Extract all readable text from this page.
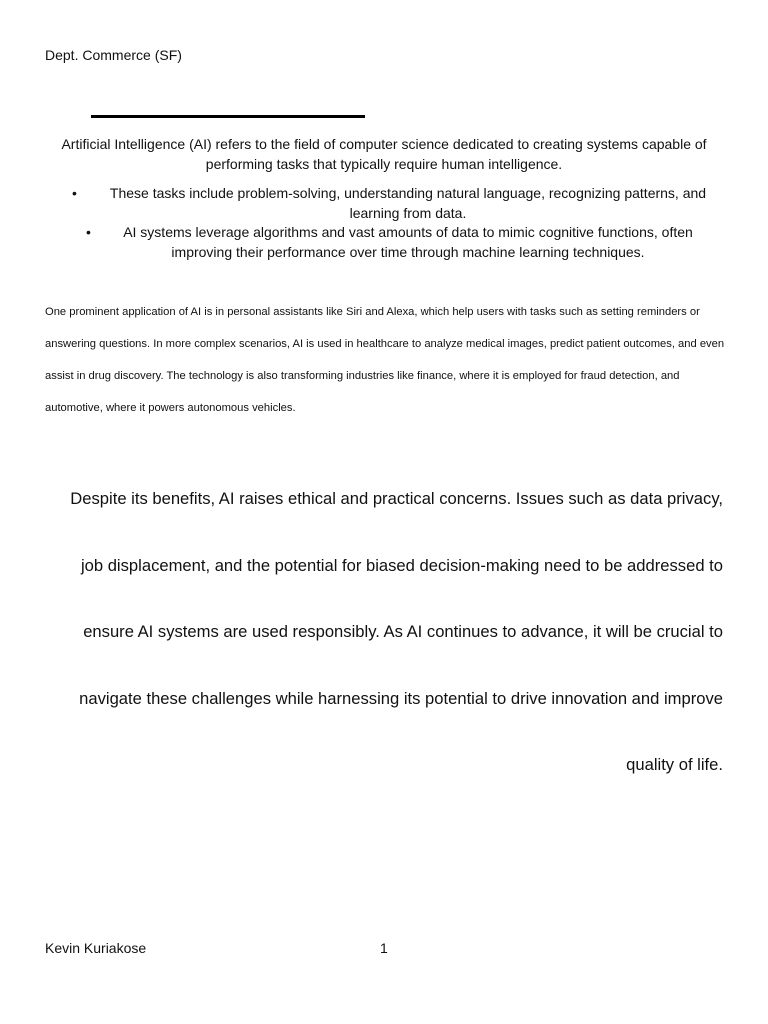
Dept. Commerce (SF)

Artificial Intelligence (AI) refers to the field of computer science dedicated to creating systems capable of performing tasks that typically require human intelligence.

• These tasks include problem-solving, understanding natural language, recognizing patterns, and learning from data.
• AI systems leverage algorithms and vast amounts of data to mimic cognitive functions, often improving their performance over time through machine learning techniques.

One prominent application of AI is in personal assistants like Siri and Alexa, which help users with tasks such as setting reminders or answering questions. In more complex scenarios, AI is used in healthcare to analyze medical images, predict patient outcomes, and even assist in drug discovery. The technology is also transforming industries like finance, where it is employed for fraud detection, and automotive, where it powers autonomous vehicles.

Despite its benefits, AI raises ethical and practical concerns. Issues such as data privacy, job displacement, and the potential for biased decision-making need to be addressed to ensure AI systems are used responsibly. As AI continues to advance, it will be crucial to navigate these challenges while harnessing its potential to drive innovation and improve quality of life.

Kevin Kuriakose	1
